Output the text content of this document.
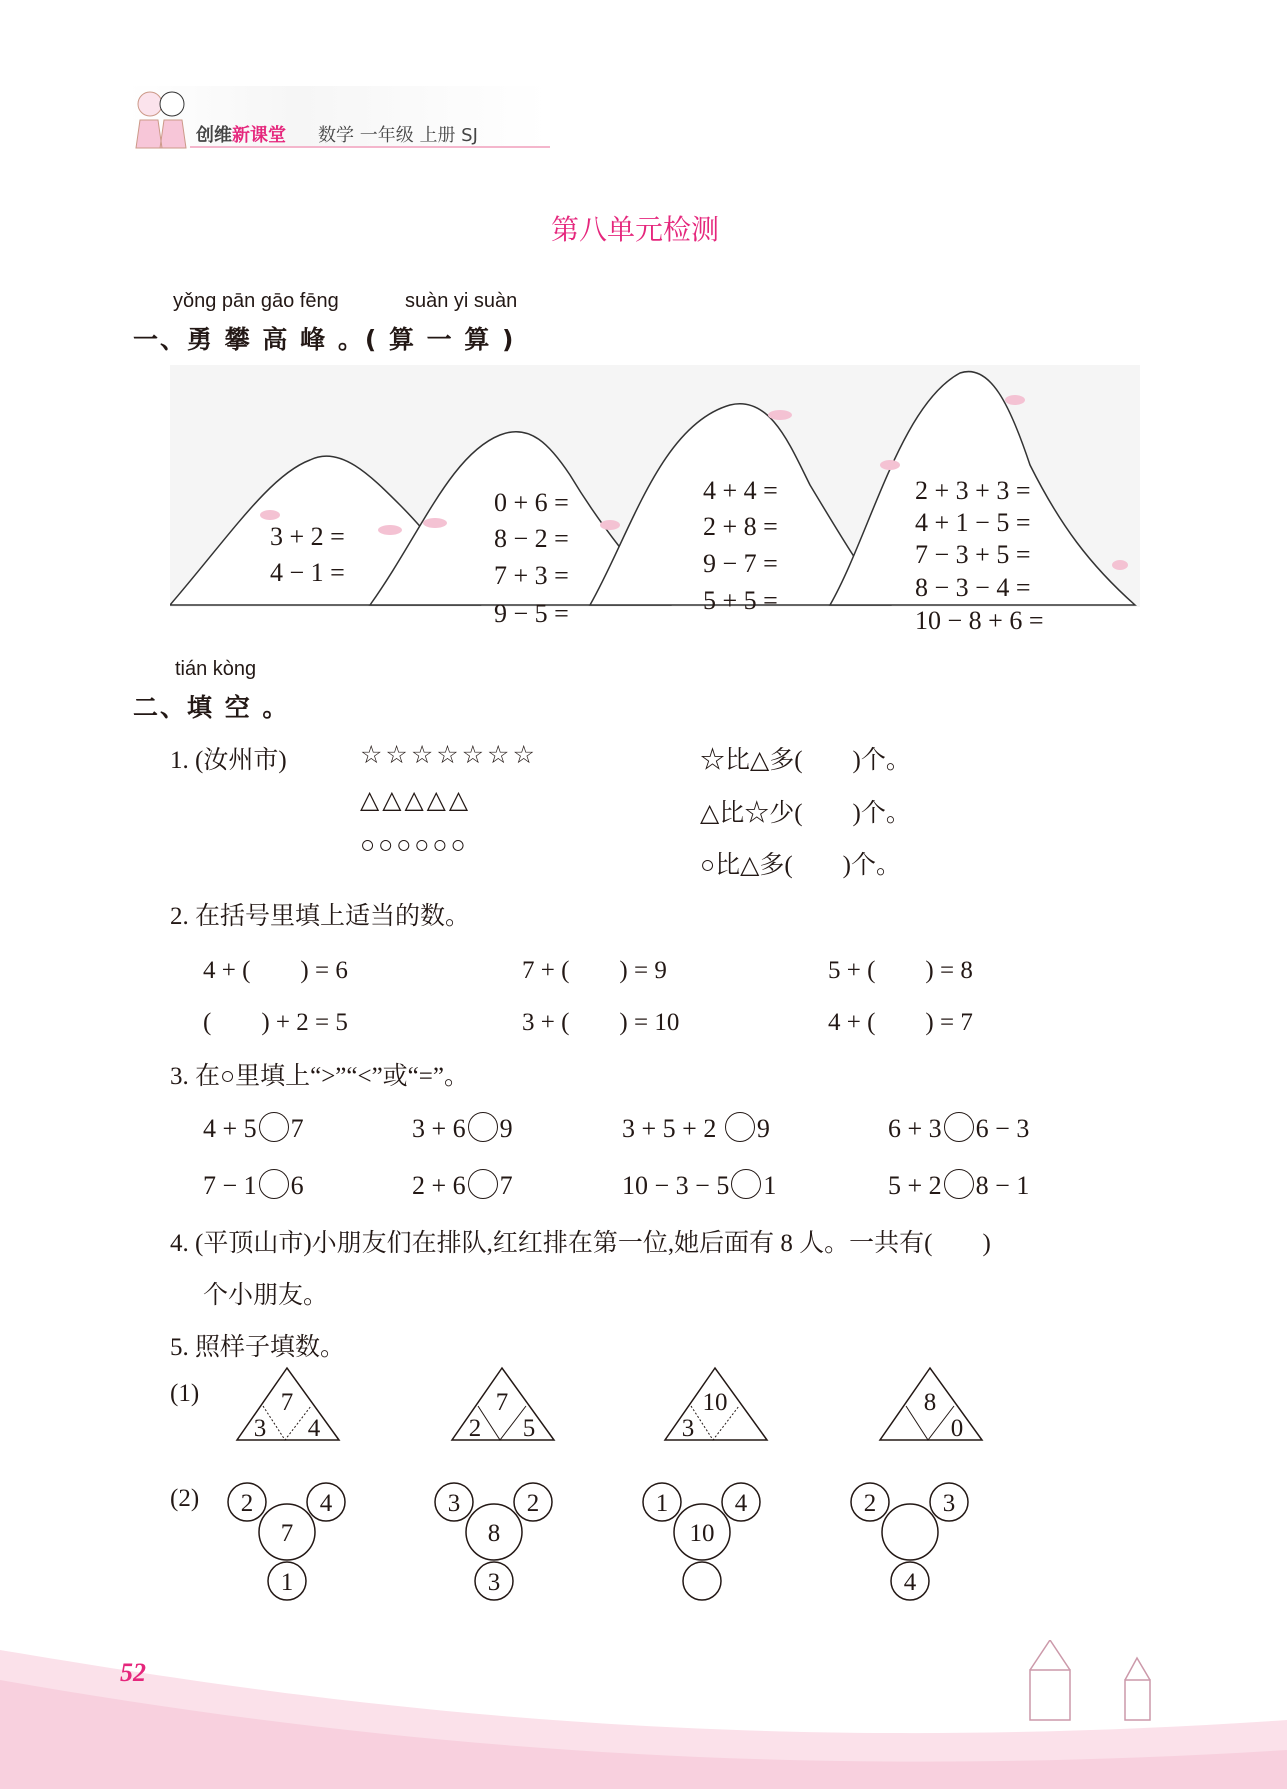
创维新课堂 数学 一年级 上册 SJ
第八单元检测
yǒng pān gāo fēng	suàn yi suàn
一、勇 攀 高 峰 。( 算 一 算 )
3 + 2 =
4 − 1 =
0 + 6 =
8 − 2 =
7 + 3 =
9 − 5 =
4 + 4 =
2 + 8 =
9 − 7 =
5 + 5 =
2 + 3 + 3 =
4 + 1 − 5 =
7 − 3 + 5 =
8 − 3 − 4 =
10 − 8 + 6 =
tián kòng
二、填 空 。
1. (汝州市)	☆☆☆☆☆☆☆
△△△△△
○○○○○○
☆比△多(　　)个。
△比☆少(　　)个。
○比△多(　　)个。
2. 在括号里填上适当的数。
4 + (　　) = 6	7 + (　　) = 9	5 + (　　) = 8
(　　) + 2 = 5	3 + (　　) = 10	4 + (　　) = 7
3. 在○里填上“>”“<”或“=”。
4 + 5 7	3 + 6 9	3 + 5 + 2 9	6 + 3 6 − 3
7 − 1 6	2 + 6 7	10 − 3 − 5 1	5 + 2 8 − 1
4. (平顶山市)小朋友们在排队,红红排在第一位,她后面有 8 人。一共有(　　)
个小朋友。
5. 照样子填数。
(1)
(2)
7
3 4
7
2 5
10
3
8
0
2	4
7
1
3	2
8
3
1	4
10
2	3
4
52
